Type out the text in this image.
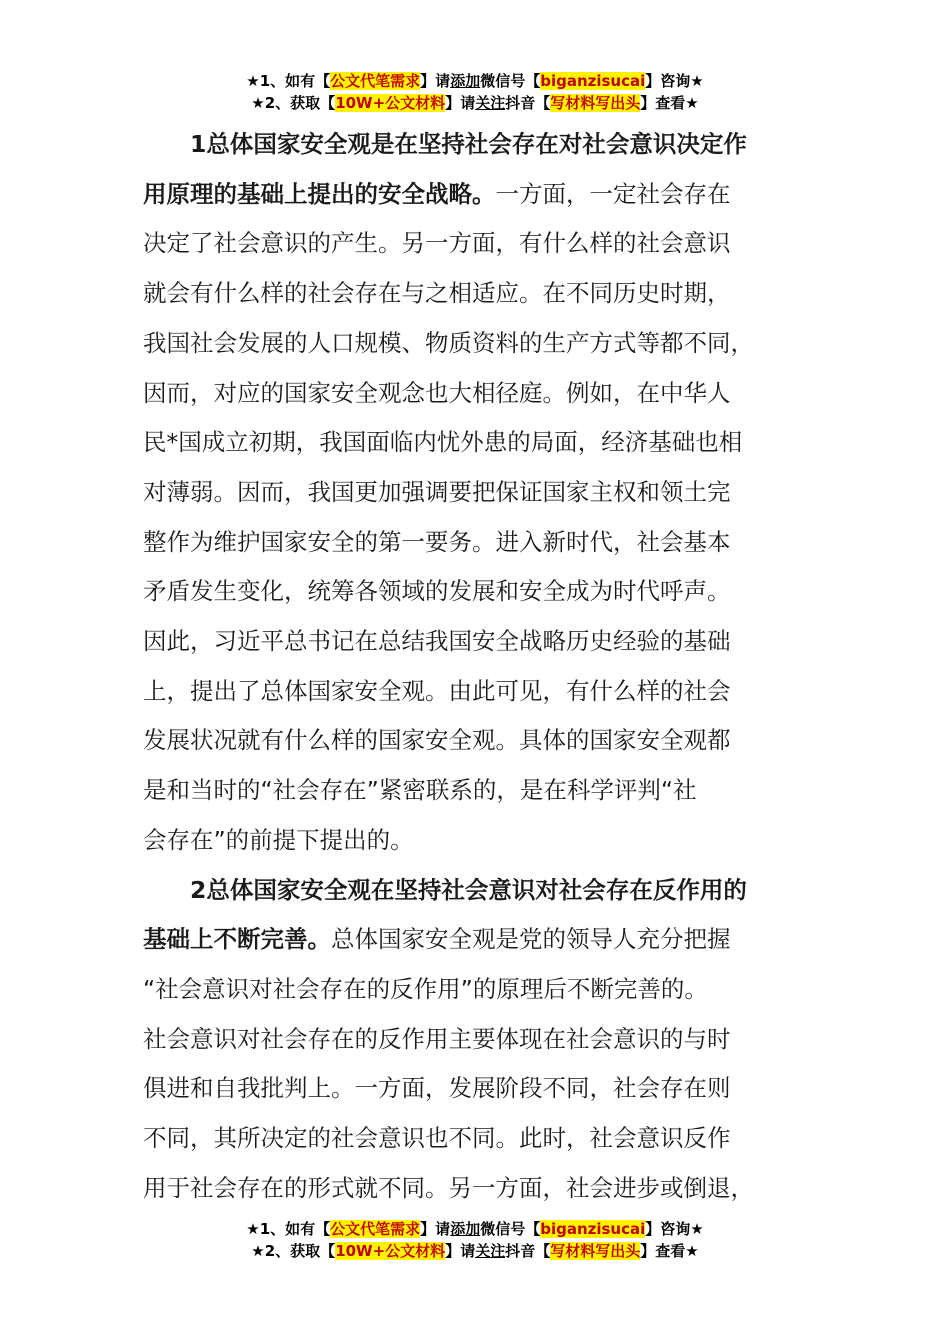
★1、如有【公文代笔需求】请添加微信号【biganzisucai】咨询★
★2、获取【10W+公文材料】请关注抖音【写材料写出头】查看★
1总体国家安全观是在坚持社会存在对社会意识决定作
用原理的基础上提出的安全战略。一方面，一定社会存在
决定了社会意识的产生。另一方面，有什么样的社会意识
就会有什么样的社会存在与之相适应。在不同历史时期，
我国社会发展的人口规模、物质资料的生产方式等都不同，
因而，对应的国家安全观念也大相径庭。例如，在中华人
民*国成立初期，我国面临内忧外患的局面，经济基础也相
对薄弱。因而，我国更加强调要把保证国家主权和领土完
整作为维护国家安全的第一要务。进入新时代，社会基本
矛盾发生变化，统筹各领域的发展和安全成为时代呼声。
因此，习近平总书记在总结我国安全战略历史经验的基础
上，提出了总体国家安全观。由此可见，有什么样的社会
发展状况就有什么样的国家安全观。具体的国家安全观都
是和当时的“社会存在”紧密联系的，是在科学评判“社
会存在”的前提下提出的。
2总体国家安全观在坚持社会意识对社会存在反作用的
基础上不断完善。总体国家安全观是党的领导人充分把握
“社会意识对社会存在的反作用”的原理后不断完善的。
社会意识对社会存在的反作用主要体现在社会意识的与时
俱进和自我批判上。一方面，发展阶段不同，社会存在则
不同，其所决定的社会意识也不同。此时，社会意识反作
用于社会存在的形式就不同。另一方面，社会进步或倒退，
★1、如有【公文代笔需求】请添加微信号【biganzisucai】咨询★
★2、获取【10W+公文材料】请关注抖音【写材料写出头】查看★
